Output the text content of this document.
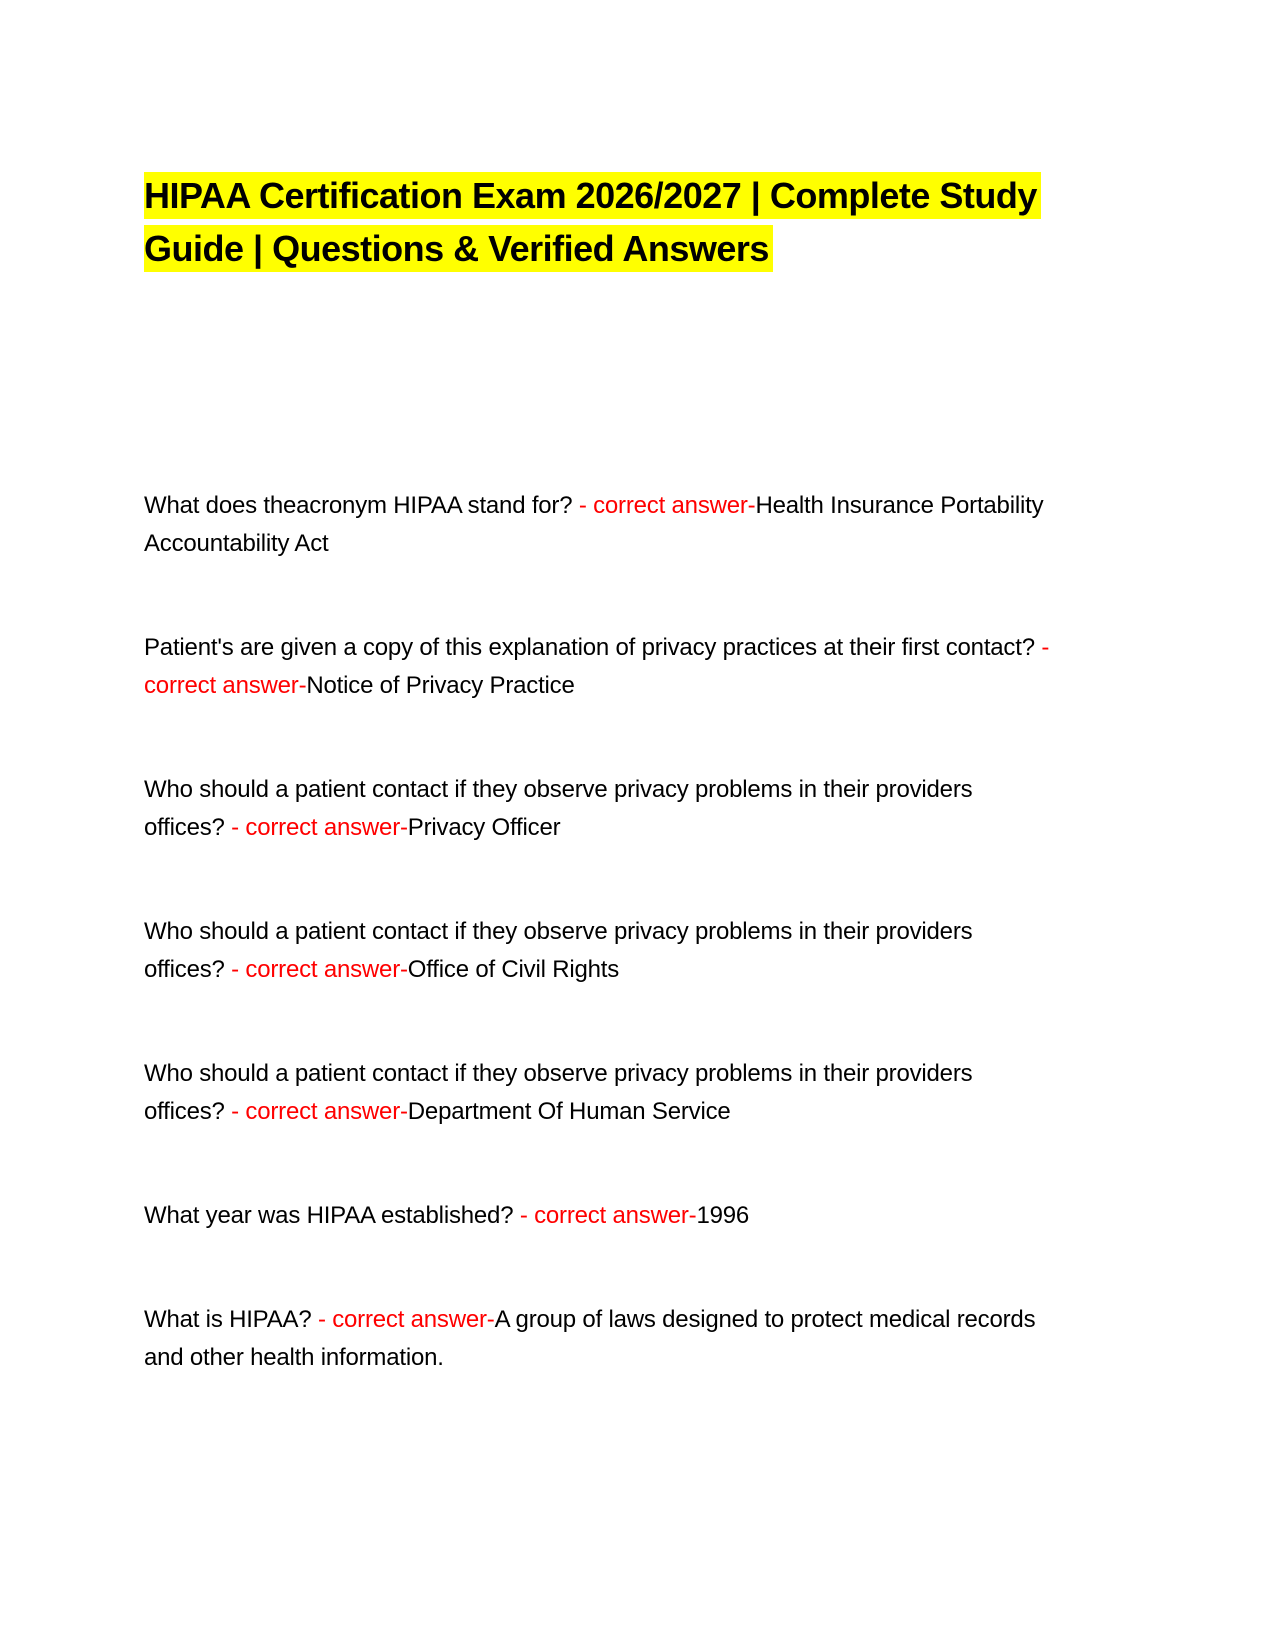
HIPAA Certification Exam 2026/2027 | Complete Study Guide | Questions & Verified Answers

What does theacronym HIPAA stand for? - correct answer-Health Insurance Portability Accountability Act

Patient's are given a copy of this explanation of privacy practices at their first contact? - correct answer-Notice of Privacy Practice

Who should a patient contact if they observe privacy problems in their providers offices? - correct answer-Privacy Officer

Who should a patient contact if they observe privacy problems in their providers offices? - correct answer-Office of Civil Rights

Who should a patient contact if they observe privacy problems in their providers offices? - correct answer-Department Of Human Service

What year was HIPAA established? - correct answer-1996

What is HIPAA? - correct answer-A group of laws designed to protect medical records and other health information.
